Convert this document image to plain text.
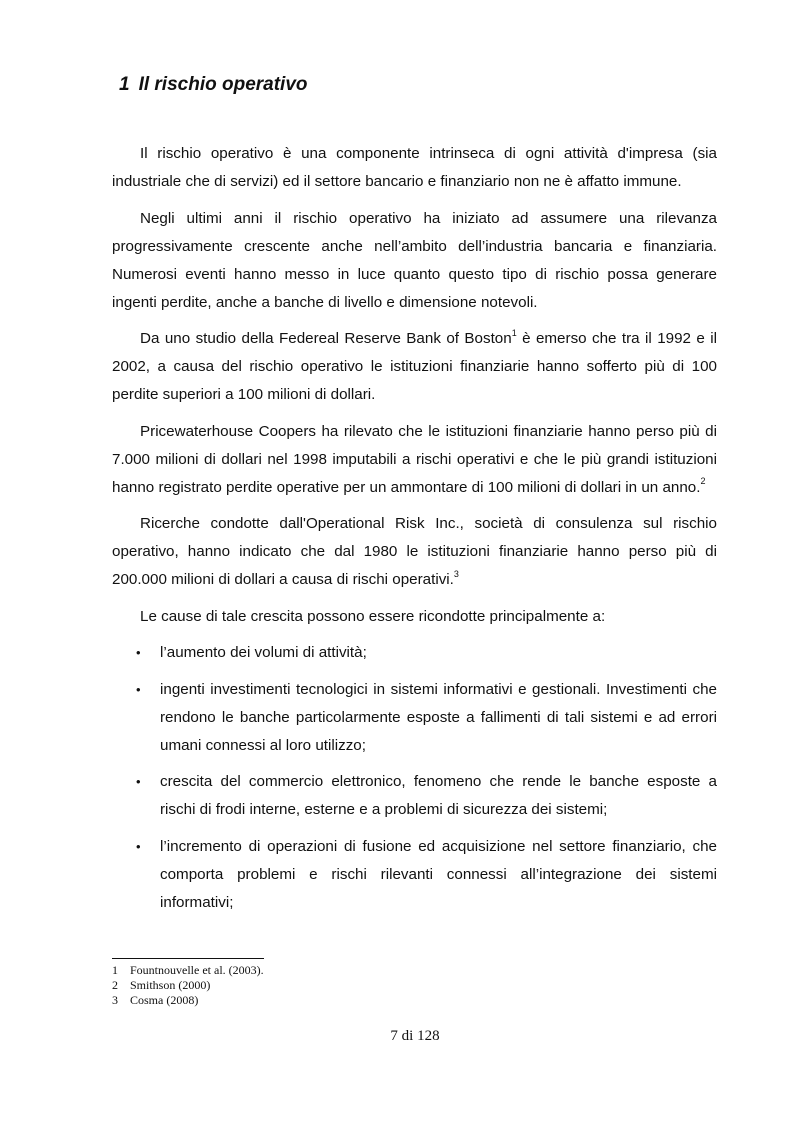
1 Il rischio operativo

Il rischio operativo è una componente intrinseca di ogni attività d'impresa (sia industriale che di servizi) ed il settore bancario e finanziario non ne è affatto immune.

Negli ultimi anni il rischio operativo ha iniziato ad assumere una rilevanza progressivamente crescente anche nell’ambito dell’industria bancaria e finanziaria. Numerosi eventi hanno messo in luce quanto questo tipo di rischio possa generare ingenti perdite, anche a banche di livello e dimensione notevoli.

Da uno studio della Federeal Reserve Bank of Boston$^1$ è emerso che tra il 1992 e il 2002, a causa del rischio operativo le istituzioni finanziarie hanno sofferto più di 100 perdite superiori a 100 milioni di dollari.

Pricewaterhouse Coopers ha rilevato che le istituzioni finanziarie hanno perso più di 7.000 milioni di dollari nel 1998 imputabili a rischi operativi e che le più grandi istituzioni hanno registrato perdite operative per un ammontare di 100 milioni di dollari in un anno.$^2$

Ricerche condotte dall'Operational Risk Inc., società di consulenza sul rischio operativo, hanno indicato che dal 1980 le istituzioni finanziarie hanno perso più di 200.000 milioni di dollari a causa di rischi operativi.$^3$

Le cause di tale crescita possono essere ricondotte principalmente a:

• l’aumento dei volumi di attività;
• ingenti investimenti tecnologici in sistemi informativi e gestionali. Investimenti che rendono le banche particolarmente esposte a fallimenti di tali sistemi e ad errori umani connessi al loro utilizzo;
• crescita del commercio elettronico, fenomeno che rende le banche esposte a rischi di frodi interne, esterne e a problemi di sicurezza dei sistemi;
• l’incremento di operazioni di fusione ed acquisizione nel settore finanziario, che comporta problemi e rischi rilevanti connessi all’integrazione dei sistemi informativi;
1	Fountnouvelle et al. (2003).
2	Smithson (2000)
3	Cosma (2008)
7 di 128
